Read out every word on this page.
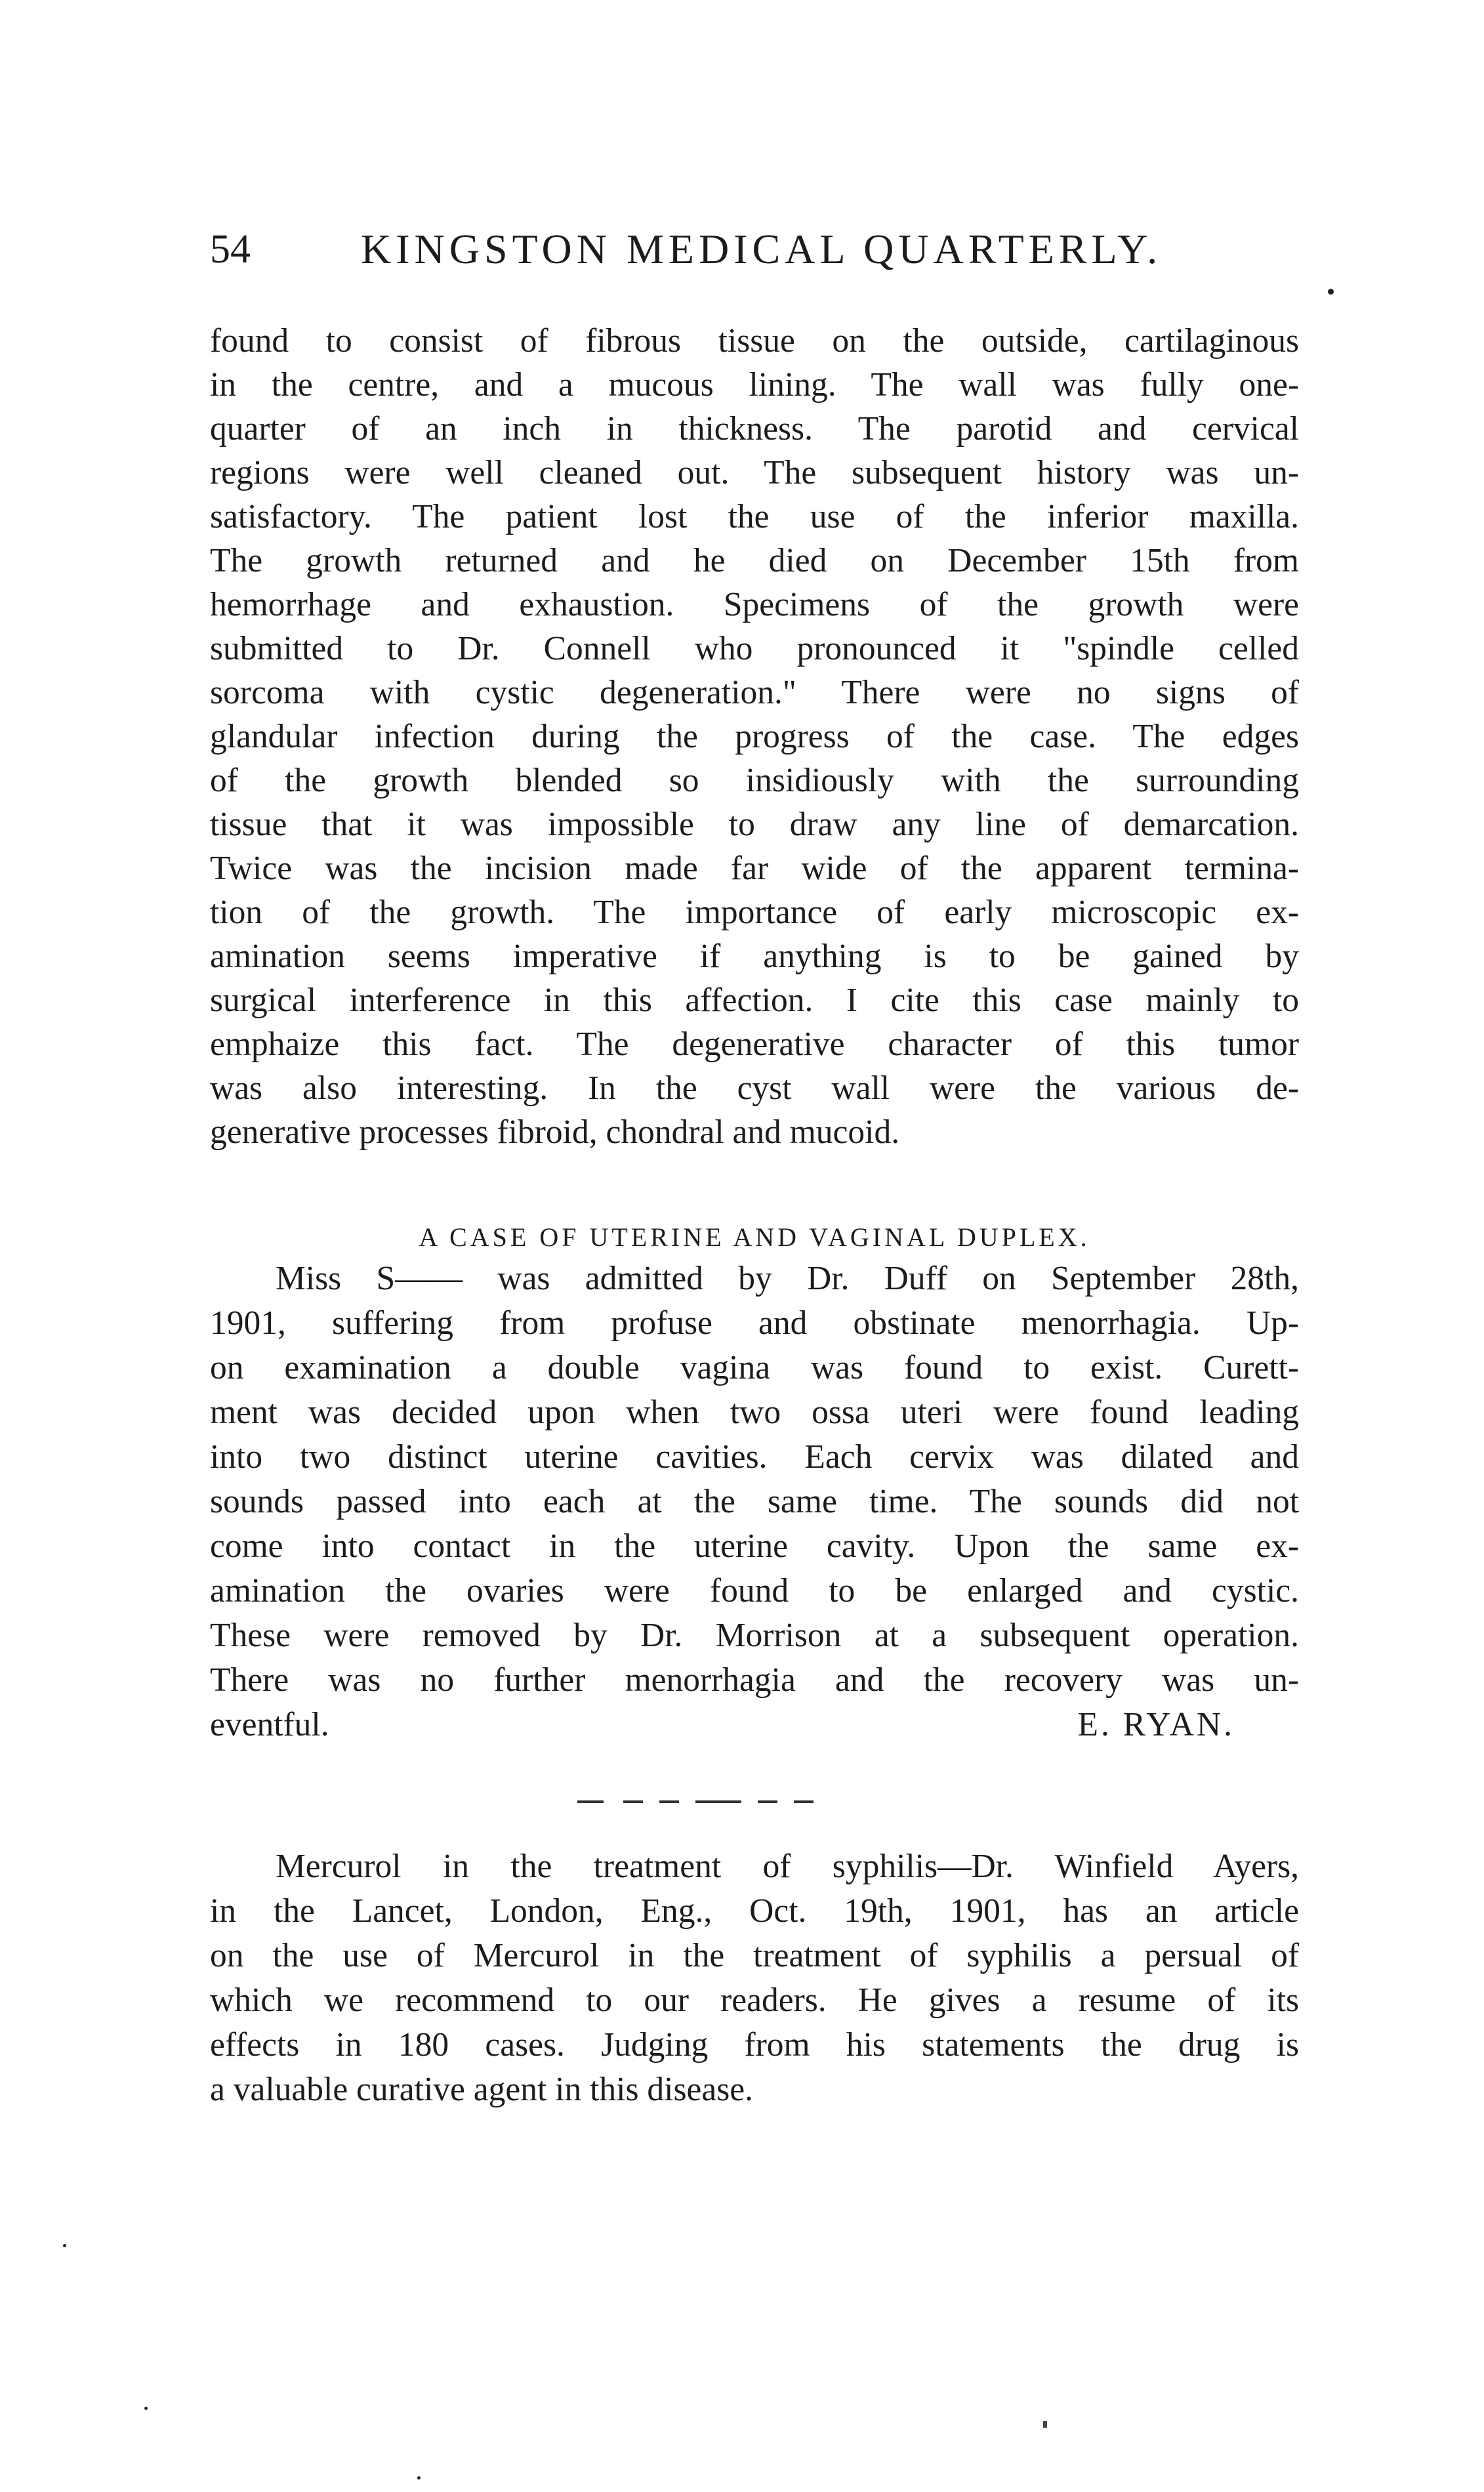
54	KINGSTON MEDICAL QUARTERLY.
found to consist of fibrous tissue on the outside, cartilaginous
in the centre, and a mucous lining. The wall was fully one-
quarter of an inch in thickness. The parotid and cervical
regions were well cleaned out. The subsequent history was un-
satisfactory. The patient lost the use of the inferior maxilla.
The growth returned and he died on December 15th from
hemorrhage and exhaustion. Specimens of the growth were
submitted to Dr. Connell who pronounced it "spindle celled
sorcoma with cystic degeneration." There were no signs of
glandular infection during the progress of the case. The edges
of the growth blended so insidiously with the surrounding
tissue that it was impossible to draw any line of demarcation.
Twice was the incision made far wide of the apparent termina-
tion of the growth. The importance of early microscopic ex-
amination seems imperative if anything is to be gained by
surgical interference in this affection. I cite this case mainly to
emphaize this fact. The degenerative character of this tumor
was also interesting. In the cyst wall were the various de-
generative processes fibroid, chondral and mucoid.
A CASE OF UTERINE AND VAGINAL DUPLEX.
Miss S—— was admitted by Dr. Duff on September 28th,
1901, suffering from profuse and obstinate menorrhagia. Up-
on examination a double vagina was found to exist. Curett-
ment was decided upon when two ossa uteri were found leading
into two distinct uterine cavities. Each cervix was dilated and
sounds passed into each at the same time. The sounds did not
come into contact in the uterine cavity. Upon the same ex-
amination the ovaries were found to be enlarged and cystic.
These were removed by Dr. Morrison at a subsequent operation.
There was no further menorrhagia and the recovery was un-
eventful.	E. RYAN.
Mercurol in the treatment of syphilis—Dr. Winfield Ayers,
in the Lancet, London, Eng., Oct. 19th, 1901, has an article
on the use of Mercurol in the treatment of syphilis a persual of
which we recommend to our readers. He gives a resume of its
effects in 180 cases. Judging from his statements the drug is
a valuable curative agent in this disease.
